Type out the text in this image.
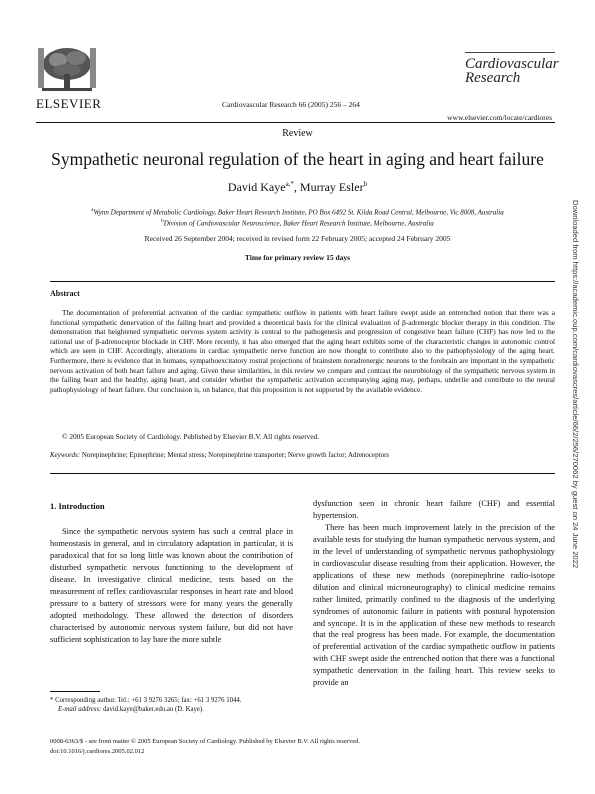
ELSEVIER	Cardiovascular Research 66 (2005) 256 – 264
Cardiovascular
Research
www.elsevier.com/locate/cardiores
Review
Sympathetic neuronal regulation of the heart in aging and heart failure
David Kaye$^{a,*}$, Murray Esler$^b$
$^a$Wynn Department of Metabolic Cardiology, Baker Heart Research Institute, PO Box 6492 St. Kilda Road Central, Melbourne, Vic 8008, Australia
$^b$Division of Cardiovascular Neuroscience, Baker Heart Research Institute, Melbourne, Australia
Received 26 September 2004; received in revised form 22 February 2005; accepted 24 February 2005
Time for primary review 15 days
Abstract
The documentation of preferential activation of the cardiac sympathetic outflow in patients with heart failure swept aside an entrenched notion that there was a functional sympathetic denervation of the failing heart and provided a theoretical basis for the clinical evaluation of β-adrenergic blocker therapy in this condition. The demonstration that heightened sympathetic nervous system activity is central to the pathogenesis and progression of congestive heart failure (CHF) has now led to the rational use of β-adrenoceptor blockade in CHF. More recently, it has also emerged that the aging heart exhibits some of the characteristic changes in autonomic control which are seen in CHF. Accordingly, alterations in cardiac sympathetic nerve function are now thought to contribute also to the pathophysiology of the aging heart. Furthermore, there is evidence that in humans, sympathoexcitatory rostral projections of brainstem noradrenergic neurons to the forebrain are important in the sympathetic nervous activation of both heart failure and aging. Given these similarities, in this review we compare and contrast the neurobiology of the sympathetic nervous system in the failing heart and the healthy, aging heart, and consider whether the sympathetic activation accompanying aging may, perhaps, underlie and contribute to the neural pathophysiology of heart failure. Our conclusion is, on balance, that this proposition is not supported by the available evidence.
© 2005 European Society of Cardiology. Published by Elsevier B.V. All rights reserved.
Keywords: Norepinephrine; Epinephrine; Mental stress; Norepinephrine transporter; Nerve growth factor; Adrenoceptors
1. Introduction

Since the sympathetic nervous system has such a central place in homeostasis in general, and in circulatory adaptation in particular, it is paradoxical that for so long little was known about the contribution of disturbed sympathetic nervous functioning to the development of disease. In investigative clinical medicine, tests based on the measurement of reflex cardiovascular responses in heart rate and blood pressure to a battery of stressors were for many years the generally adopted methodology. These allowed the detection of disorders characterised by autonomic nervous system failure, but did not have sufficient sophistication to lay bare the more subtle

dysfunction seen in chronic heart failure (CHF) and essential hypertension.

There has been much improvement lately in the precision of the available tests for studying the human sympathetic nervous system, and in the level of understanding of sympathetic nervous pathophysiology in cardiovascular disease resulting from their application. However, the applications of these new methods (norepinephrine radio-isotope dilution and clinical microneurography) to clinical medicine remains rather limited, primarily confined to the diagnosis of the underlying syndromes of autonomic failure in patients with postural hypotension and syncope. It is in the application of these new methods to research that the real progress has been made. For example, the documentation of preferential activation of the cardiac sympathetic outflow in patients with CHF swept aside the entrenched notion that there was a functional sympathetic denervation in the failing heart. This review seeks to provide an

* Corresponding author. Tel.: +61 3 9276 3265; fax: +61 3 9276 1044.
E-mail address: david.kaye@baker.edu.au (D. Kaye).
0008-6363/$ - see front matter © 2005 European Society of Cardiology. Published by Elsevier B.V. All rights reserved.
doi:10.1016/j.cardiores.2005.02.012
Downloaded from https://academic.oup.com/cardiovascres/article/66/2/256/270062 by guest on 24 June 2022
